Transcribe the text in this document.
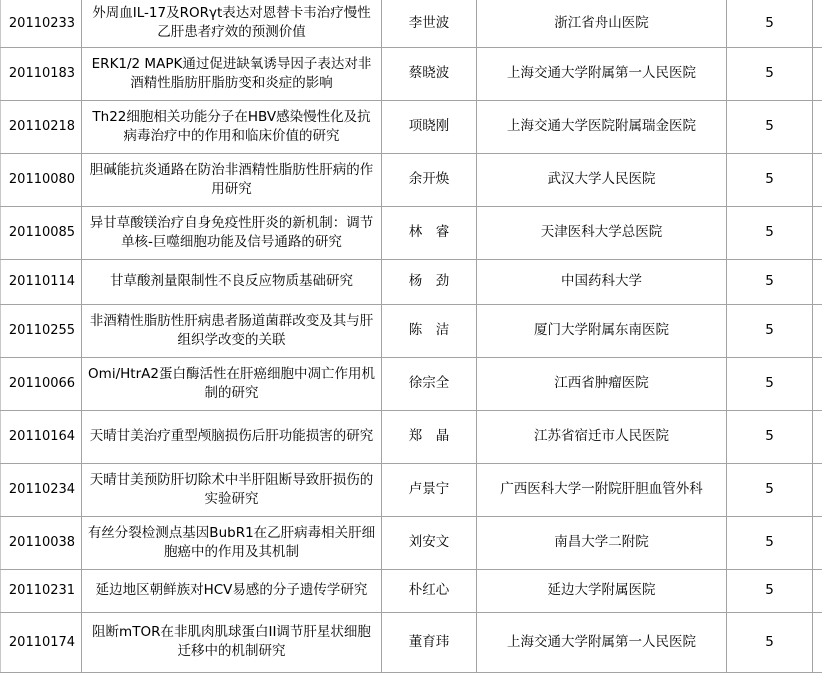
20110233	外周血IL-17及RORγt表达对恩替卡韦治疗慢性乙肝患者疗效的预测价值	李世波	浙江省舟山医院	5	
20110183	ERK1/2 MAPK通过促进缺氧诱导因子表达对非酒精性脂肪肝脂肪变和炎症的影响	蔡晓波	上海交通大学附属第一人民医院	5	
20110218	Th22细胞相关功能分子在HBV感染慢性化及抗病毒治疗中的作用和临床价值的研究	项晓刚	上海交通大学医院附属瑞金医院	5	
20110080	胆碱能抗炎通路在防治非酒精性脂肪性肝病的作用研究	余开焕	武汉大学人民医院	5	
20110085	异甘草酸镁治疗自身免疫性肝炎的新机制：调节单核-巨噬细胞功能及信号通路的研究	林　睿	天津医科大学总医院	5	
20110114	甘草酸剂量限制性不良反应物质基础研究	杨　劲	中国药科大学	5	
20110255	非酒精性脂肪性肝病患者肠道菌群改变及其与肝组织学改变的关联	陈　洁	厦门大学附属东南医院	5	
20110066	Omi/HtrA2蛋白酶活性在肝癌细胞中凋亡作用机制的研究	徐宗全	江西省肿瘤医院	5	
20110164	天晴甘美治疗重型颅脑损伤后肝功能损害的研究	郑　晶	江苏省宿迁市人民医院	5	
20110234	天晴甘美预防肝切除术中半肝阻断导致肝损伤的实验研究	卢景宁	广西医科大学一附院肝胆血管外科	5	
20110038	有丝分裂检测点基因BubR1在乙肝病毒相关肝细胞癌中的作用及其机制	刘安文	南昌大学二附院	5	
20110231	延边地区朝鲜族对HCV易感的分子遗传学研究	朴红心	延边大学附属医院	5	
20110174	阻断mTOR在非肌肉肌球蛋白II调节肝星状细胞迁移中的机制研究	董育玮	上海交通大学附属第一人民医院	5	
